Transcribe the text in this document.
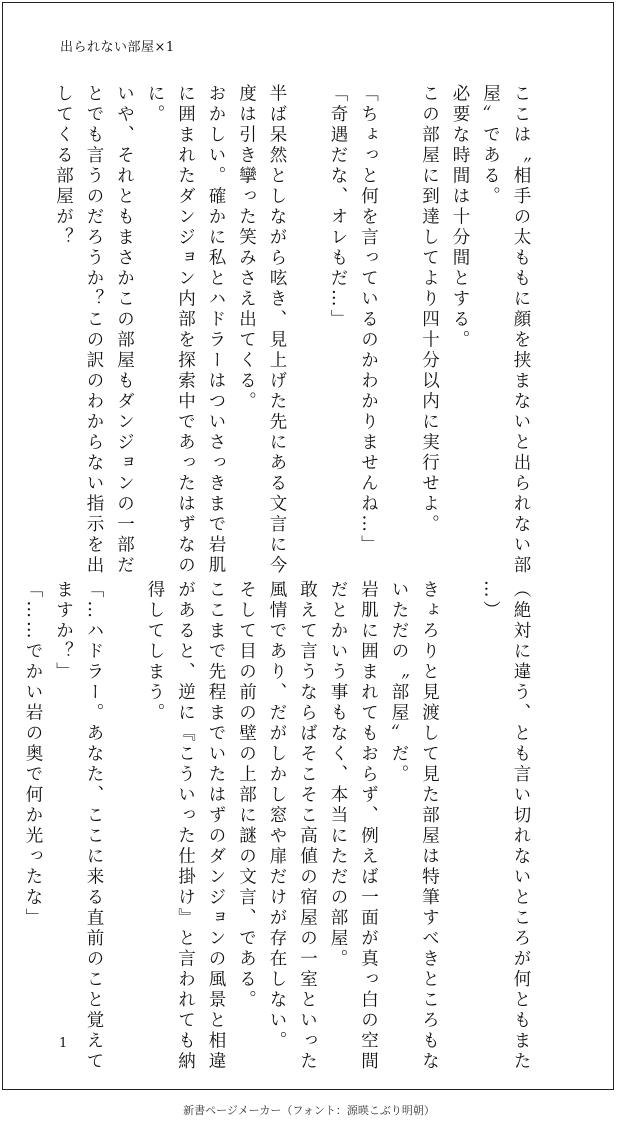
出られない部屋×1

ここは〝相手の太ももに顔を挟まないと出られない部

屋〟である。

必要な時間は十分間とする。

この部屋に到達してより四十分以内に実行せよ。

「ちょっと何を言っているのかわかりませんね…」

「奇遇だな、オレもだ…」

半ば呆然としながら呟き、見上げた先にある文言に今

度は引き攣った笑みさえ出てくる。

おかしい。確かに私とハドラーはついさっきまで岩肌

に囲まれたダンジョン内部を探索中であったはずなの

に。

いや、それともまさかこの部屋もダンジョンの一部だ

とでも言うのだろうか？この訳のわからない指示を出

してくる部屋が？

（絶対に違う、とも言い切れないところが何ともまた

…）

きょろりと見渡して見た部屋は特筆すべきところもな

いただの〝部屋〟だ。

岩肌に囲まれてもおらず、例えば一面が真っ白の空間

だとかいう事もなく、本当にただの部屋。

敢えて言うならばそこそこ高値の宿屋の一室といった

風情であり、だがしかし窓や扉だけが存在しない。

そして目の前の壁の上部に謎の文言、である。

ここまで先程までいたはずのダンジョンの風景と相違

があると、逆に『こういった仕掛け』と言われても納

得してしまう。

「…ハドラー。あなた、ここに来る直前のこと覚えて

ますか？」

「……でかい岩の奥で何か光ったな」

1
新書ページメーカー（フォント：源暎こぶり明朝）
